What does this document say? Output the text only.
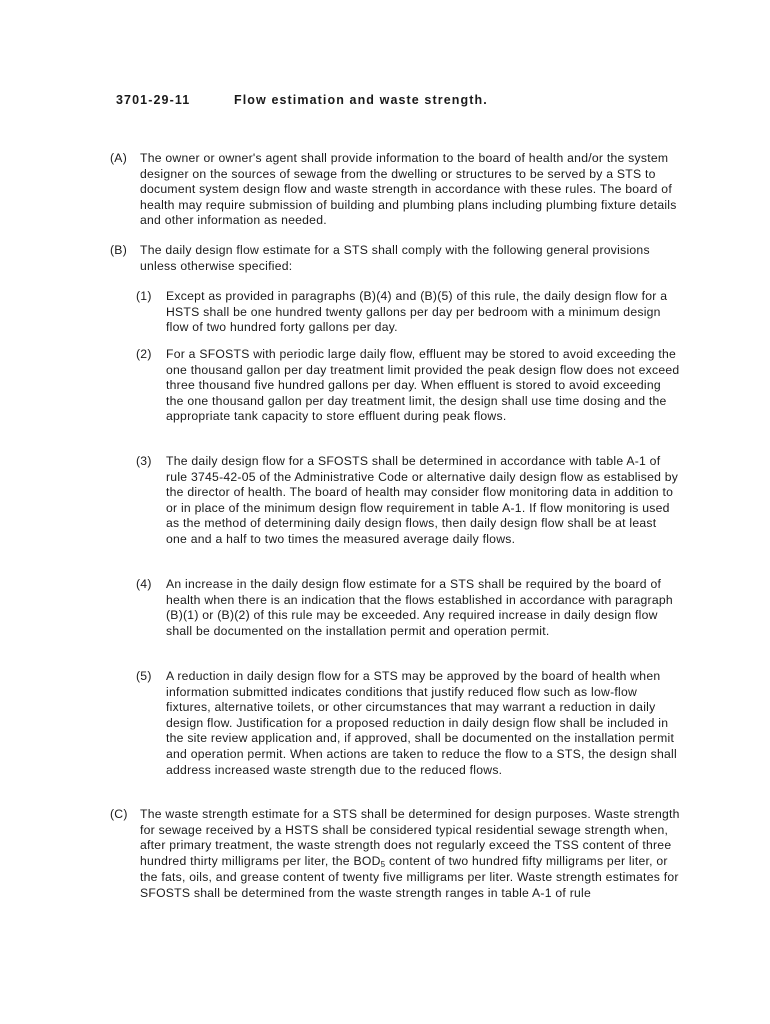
3701-29-11	Flow estimation and waste strength.
(A) The owner or owner's agent shall provide information to the board of health and/or the system designer on the sources of sewage from the dwelling or structures to be served by a STS to document system design flow and waste strength in accordance with these rules. The board of health may require submission of building and plumbing plans including plumbing fixture details and other information as needed.
(B) The daily design flow estimate for a STS shall comply with the following general provisions unless otherwise specified:
(1) Except as provided in paragraphs (B)(4) and (B)(5) of this rule, the daily design flow for a HSTS shall be one hundred twenty gallons per day per bedroom with a minimum design flow of two hundred forty gallons per day.
(2) For a SFOSTS with periodic large daily flow, effluent may be stored to avoid exceeding the one thousand gallon per day treatment limit provided the peak design flow does not exceed three thousand five hundred gallons per day. When effluent is stored to avoid exceeding the one thousand gallon per day treatment limit, the design shall use time dosing and the appropriate tank capacity to store effluent during peak flows.
(3) The daily design flow for a SFOSTS shall be determined in accordance with table A-1 of rule 3745-42-05 of the Administrative Code or alternative daily design flow as establised by the director of health. The board of health may consider flow monitoring data in addition to or in place of the minimum design flow requirement in table A-1. If flow monitoring is used as the method of determining daily design flows, then daily design flow shall be at least one and a half to two times the measured average daily flows.
(4) An increase in the daily design flow estimate for a STS shall be required by the board of health when there is an indication that the flows established in accordance with paragraph (B)(1) or (B)(2) of this rule may be exceeded. Any required increase in daily design flow shall be documented on the installation permit and operation permit.
(5) A reduction in daily design flow for a STS may be approved by the board of health when information submitted indicates conditions that justify reduced flow such as low-flow fixtures, alternative toilets, or other circumstances that may warrant a reduction in daily design flow. Justification for a proposed reduction in daily design flow shall be included in the site review application and, if approved, shall be documented on the installation permit and operation permit. When actions are taken to reduce the flow to a STS, the design shall address increased waste strength due to the reduced flows.
(C) The waste strength estimate for a STS shall be determined for design purposes. Waste strength for sewage received by a HSTS shall be considered typical residential sewage strength when, after primary treatment, the waste strength does not regularly exceed the TSS content of three hundred thirty milligrams per liter, the $BOD_5$ content of two hundred fifty milligrams per liter, or the fats, oils, and grease content of twenty five milligrams per liter. Waste strength estimates for SFOSTS shall be determined from the waste strength ranges in table A-1 of rule
